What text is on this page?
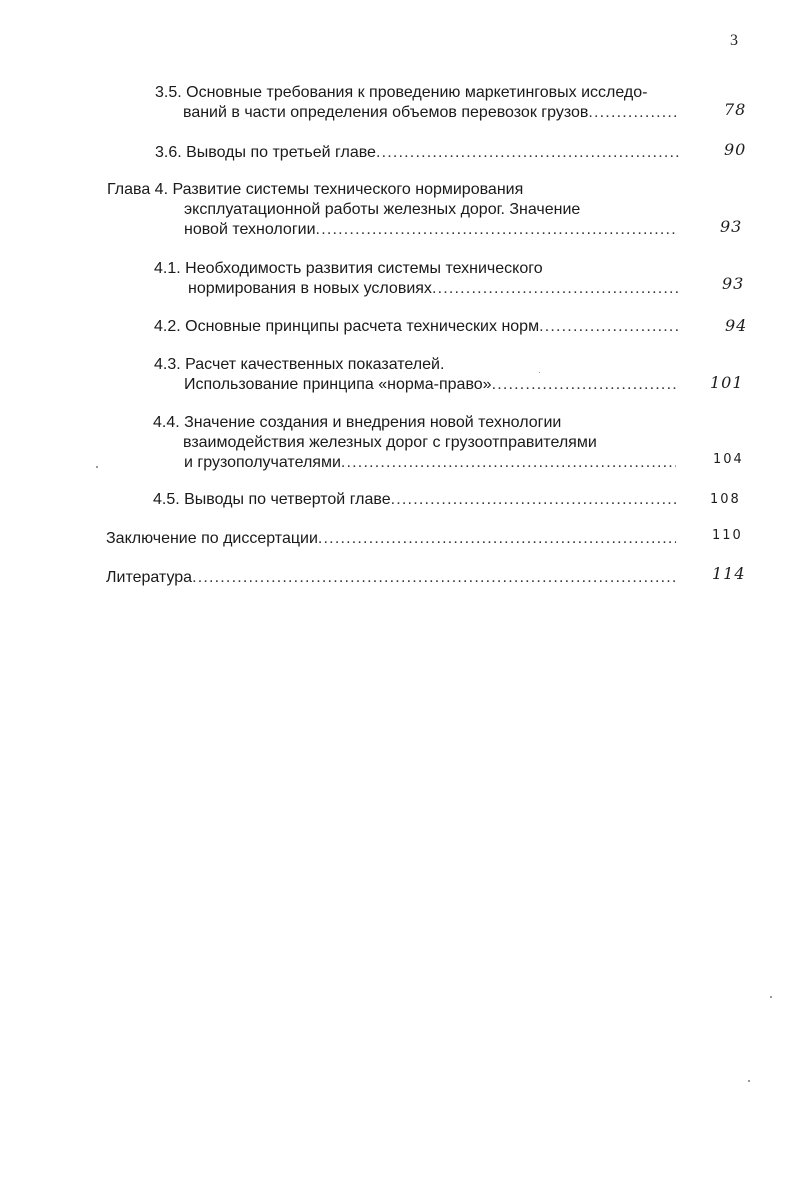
3
3.5. Основные требования к проведению маркетинговых исследо-
ваний в части определения объемов перевозок грузов .....	78
3.6. Выводы по третьей главе .....	90
Глава 4. Развитие системы технического нормирования
эксплуатационной работы железных дорог. Значение
новой технологии .....	93
4.1. Необходимость развития системы технического
нормирования в новых условиях .....	93
4.2. Основные принципы расчета технических норм .....	94
4.3. Расчет качественных показателей.
Использование принципа «норма-право» .....	101
4.4. Значение создания и внедрения новой технологии
взаимодействия железных дорог с грузоотправителями
и грузополучателями .....	104
4.5. Выводы по четвертой главе .....	108
Заключение по диссертации .....	110
Литература .....	114
